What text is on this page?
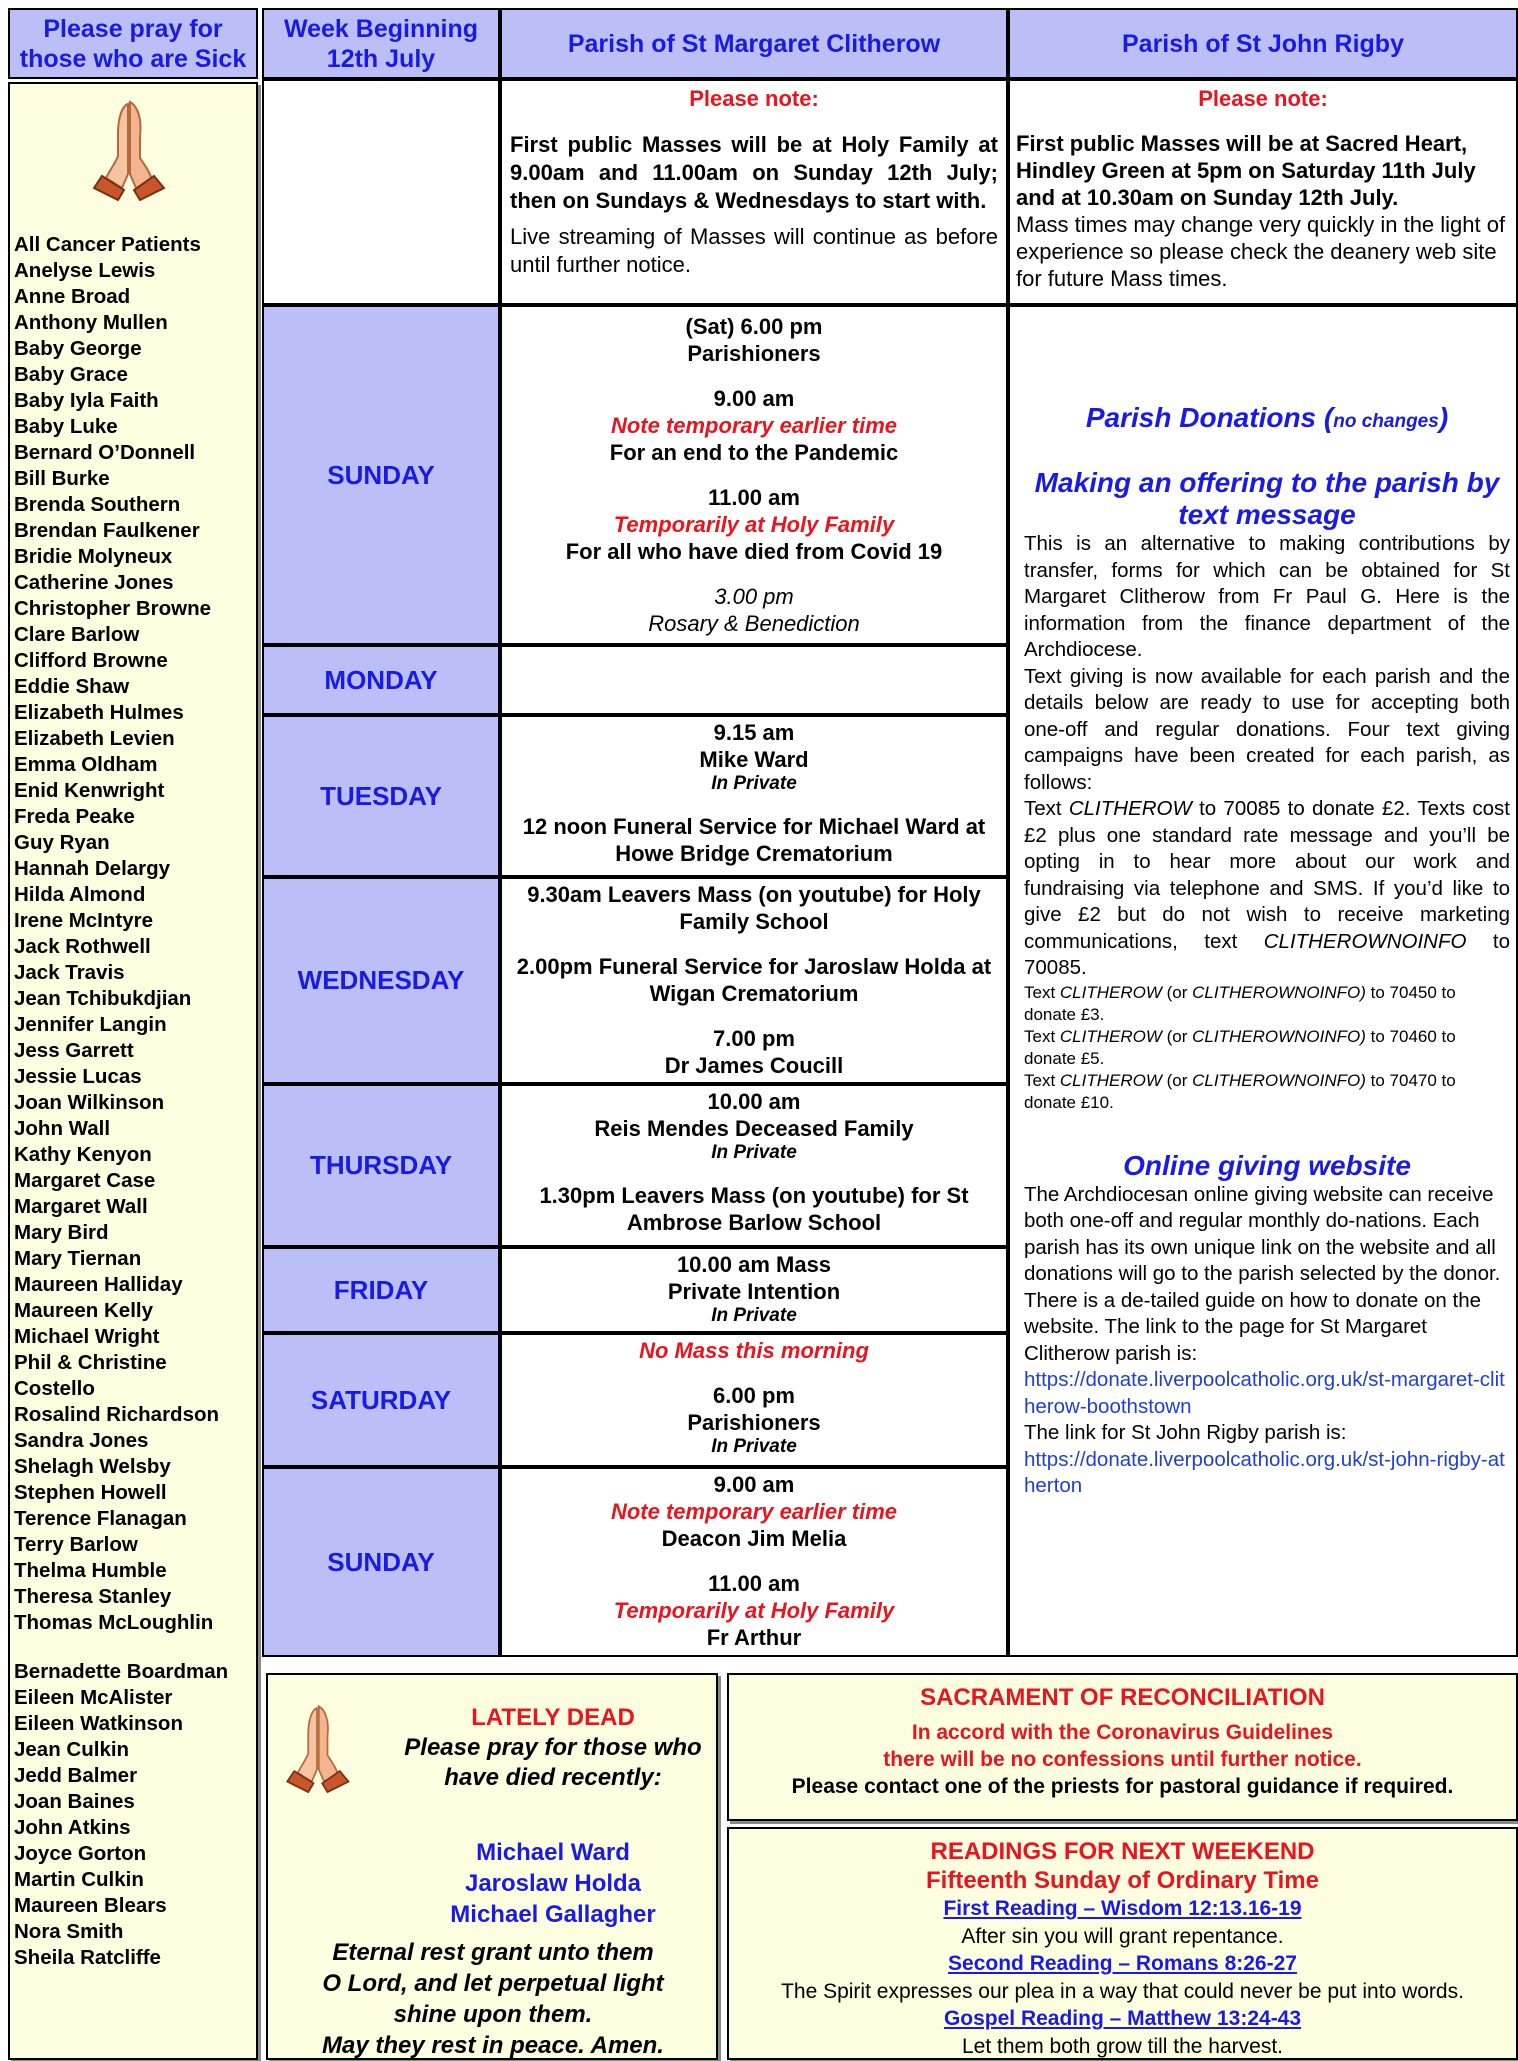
Please pray for
those who are Sick
All Cancer Patients
Anelyse Lewis
Anne Broad
Anthony Mullen
Baby George
Baby Grace
Baby Iyla Faith
Baby Luke
Bernard O’Donnell
Bill Burke
Brenda Southern
Brendan Faulkener
Bridie Molyneux
Catherine Jones
Christopher Browne
Clare Barlow
Clifford Browne
Eddie Shaw
Elizabeth Hulmes
Elizabeth Levien
Emma Oldham
Enid Kenwright
Freda Peake
Guy Ryan
Hannah Delargy
Hilda Almond
Irene McIntyre
Jack Rothwell
Jack Travis
Jean Tchibukdjian
Jennifer Langin
Jess Garrett
Jessie Lucas
Joan Wilkinson
John Wall
Kathy Kenyon
Margaret Case
Margaret Wall
Mary Bird
Mary Tiernan
Maureen Halliday
Maureen Kelly
Michael Wright
Phil & Christine
Costello
Rosalind Richardson
Sandra Jones
Shelagh Welsby
Stephen Howell
Terence Flanagan
Terry Barlow
Thelma Humble
Theresa Stanley
Thomas McLoughlin
Bernadette Boardman
Eileen McAlister
Eileen Watkinson
Jean Culkin
Jedd Balmer
Joan Baines
John Atkins
Joyce Gorton
Martin Culkin
Maureen Blears
Nora Smith
Sheila Ratcliffe
Week Beginning
12th July
Parish of St Margaret Clitherow	Parish of St John Rigby
Please note:
First public Masses will be at Holy Family at 9.00am and 11.00am on Sunday 12th July; then on Sundays & Wednesdays to start with.
Live streaming of Masses will continue as before until further notice.
Please note:
First public Masses will be at Sacred Heart, Hindley Green at 5pm on Saturday 11th July and at 10.30am on Sunday 12th July.
Mass times may change very quickly in the light of experience so please check the deanery web site for future Mass times.
SUNDAY
MONDAY
TUESDAY
WEDNESDAY
THURSDAY
FRIDAY
SATURDAY
SUNDAY
(Sat) 6.00 pm
Parishioners
9.00 am
Note temporary earlier time
For an end to the Pandemic
11.00 am
Temporarily at Holy Family
For all who have died from Covid 19
3.00 pm
Rosary & Benediction
9.15 am
Mike Ward
In Private
12 noon Funeral Service for Michael Ward at Howe Bridge Crematorium
9.30am Leavers Mass (on youtube) for Holy Family School
2.00pm Funeral Service for Jaroslaw Holda at Wigan Crematorium
7.00 pm
Dr James Coucill
10.00 am
Reis Mendes Deceased Family
In Private
1.30pm Leavers Mass (on youtube) for St Ambrose Barlow School
10.00 am Mass
Private Intention
In Private
No Mass this morning
6.00 pm
Parishioners
In Private
9.00 am
Note temporary earlier time
Deacon Jim Melia
11.00 am
Temporarily at Holy Family
Fr Arthur
Parish Donations (no changes)
Making an offering to the parish by text message
This is an alternative to making contributions by transfer, forms for which can be obtained for St Margaret Clitherow from Fr Paul G. Here is the information from the finance department of the Archdiocese.
Text giving is now available for each parish and the details below are ready to use for accepting both one-off and regular donations. Four text giving campaigns have been created for each parish, as follows:
Text CLITHEROW to 70085 to donate £2. Texts cost £2 plus one standard rate message and you’ll be opting in to hear more about our work and fundraising via telephone and SMS. If you’d like to give £2 but do not wish to receive marketing communications, text CLITHEROWNOINFO to 70085.
Text CLITHEROW (or CLITHEROWNOINFO) to 70450 to donate £3.
Text CLITHEROW (or CLITHEROWNOINFO) to 70460 to donate £5.
Text CLITHEROW (or CLITHEROWNOINFO) to 70470 to donate £10.
Online giving website
The Archdiocesan online giving website can receive both one-off and regular monthly do-nations. Each parish has its own unique link on the website and all donations will go to the parish selected by the donor. There is a de-tailed guide on how to donate on the website. The link to the page for St Margaret Clitherow parish is:
https://donate.liverpoolcatholic.org.uk/st-margaret-clitherow-boothstown
The link for St John Rigby parish is:
https://donate.liverpoolcatholic.org.uk/st-john-rigby-atherton
LATELY DEAD
Please pray for those who have died recently:
Michael Ward
Jaroslaw Holda
Michael Gallagher
Eternal rest grant unto them
O Lord, and let perpetual light
shine upon them.
May they rest in peace. Amen.
SACRAMENT OF RECONCILIATION
In accord with the Coronavirus Guidelines
there will be no confessions until further notice.
Please contact one of the priests for pastoral guidance if required.
READINGS FOR NEXT WEEKEND
Fifteenth Sunday of Ordinary Time
First Reading – Wisdom 12:13.16-19
After sin you will grant repentance.
Second Reading – Romans 8:26-27
The Spirit expresses our plea in a way that could never be put into words.
Gospel Reading – Matthew 13:24-43
Let them both grow till the harvest.
